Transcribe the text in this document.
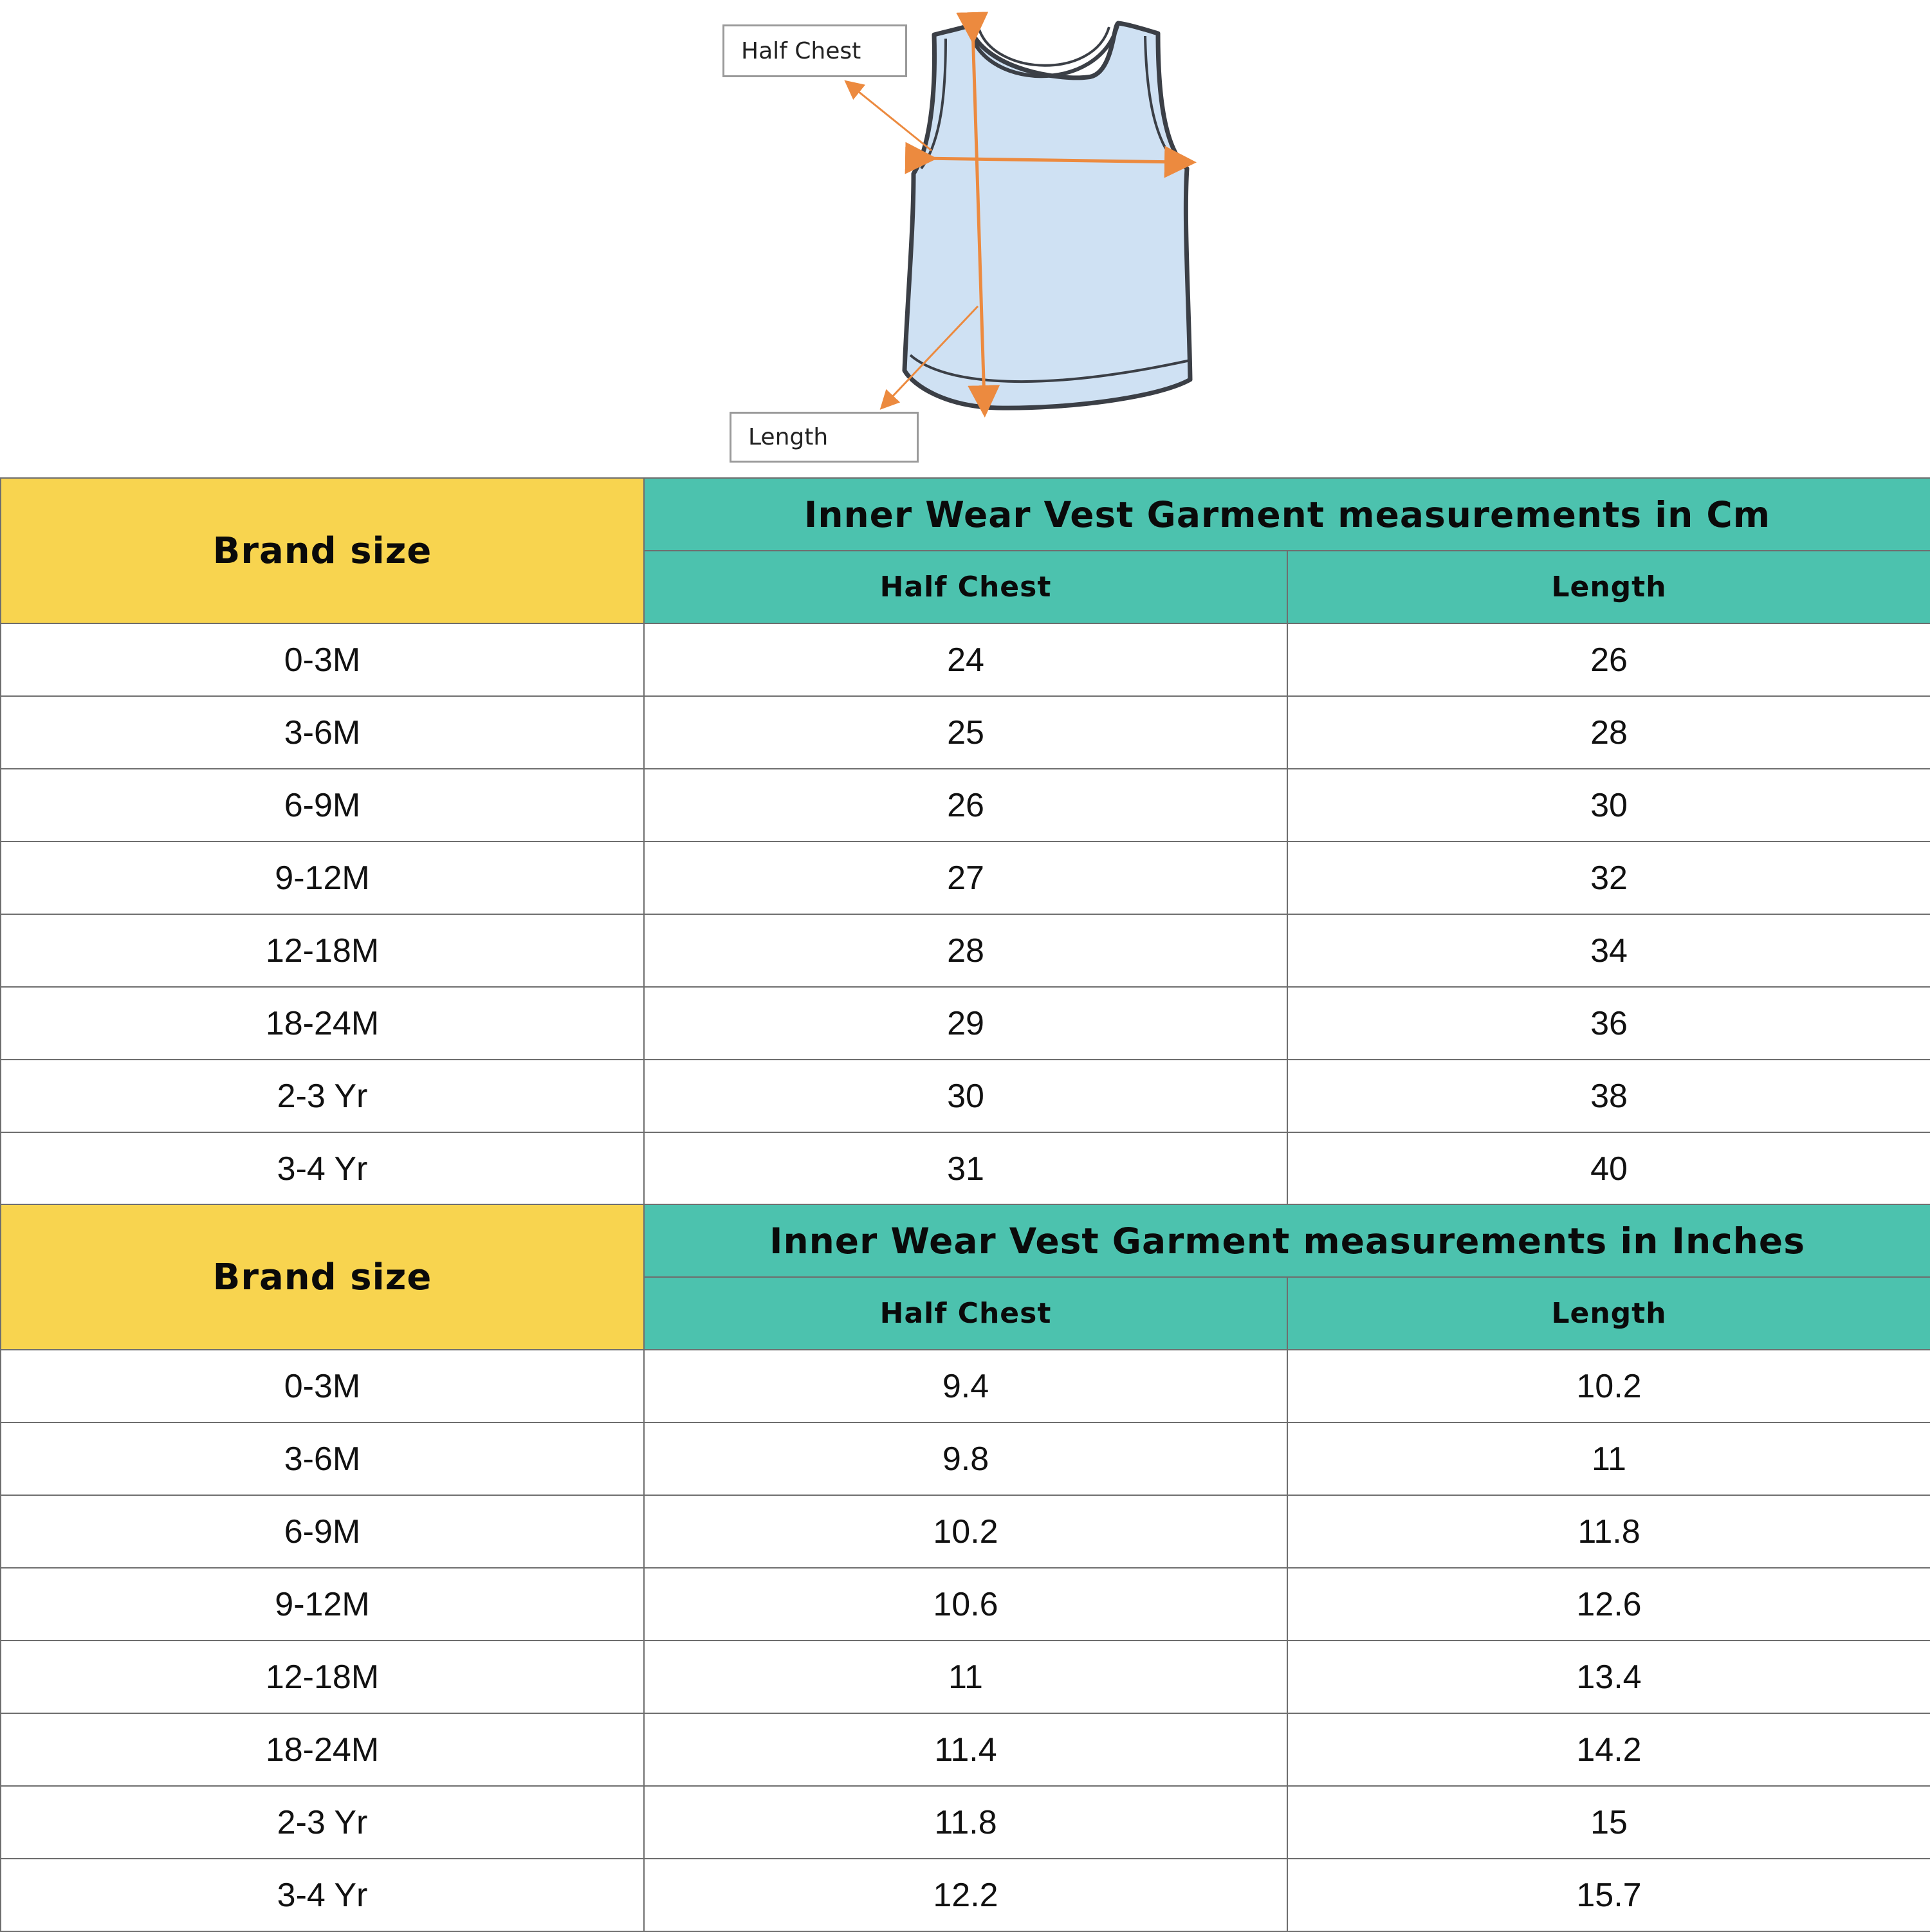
Half Chest
Length
Brand size	Inner Wear Vest Garment measurements in Cm	
	Half Chest	Length
0-3M	24	26
3-6M	25	28
6-9M	26	30
9-12M	27	32
12-18M	28	34
18-24M	29	36
2-3 Yr	30	38
3-4 Yr	31	40
Brand size	Inner Wear Vest Garment measurements in Inches	
	Half Chest	Length
0-3M	9.4	10.2
3-6M	9.8	11
6-9M	10.2	11.8
9-12M	10.6	12.6
12-18M	11	13.4
18-24M	11.4	14.2
2-3 Yr	11.8	15
3-4 Yr	12.2	15.7
